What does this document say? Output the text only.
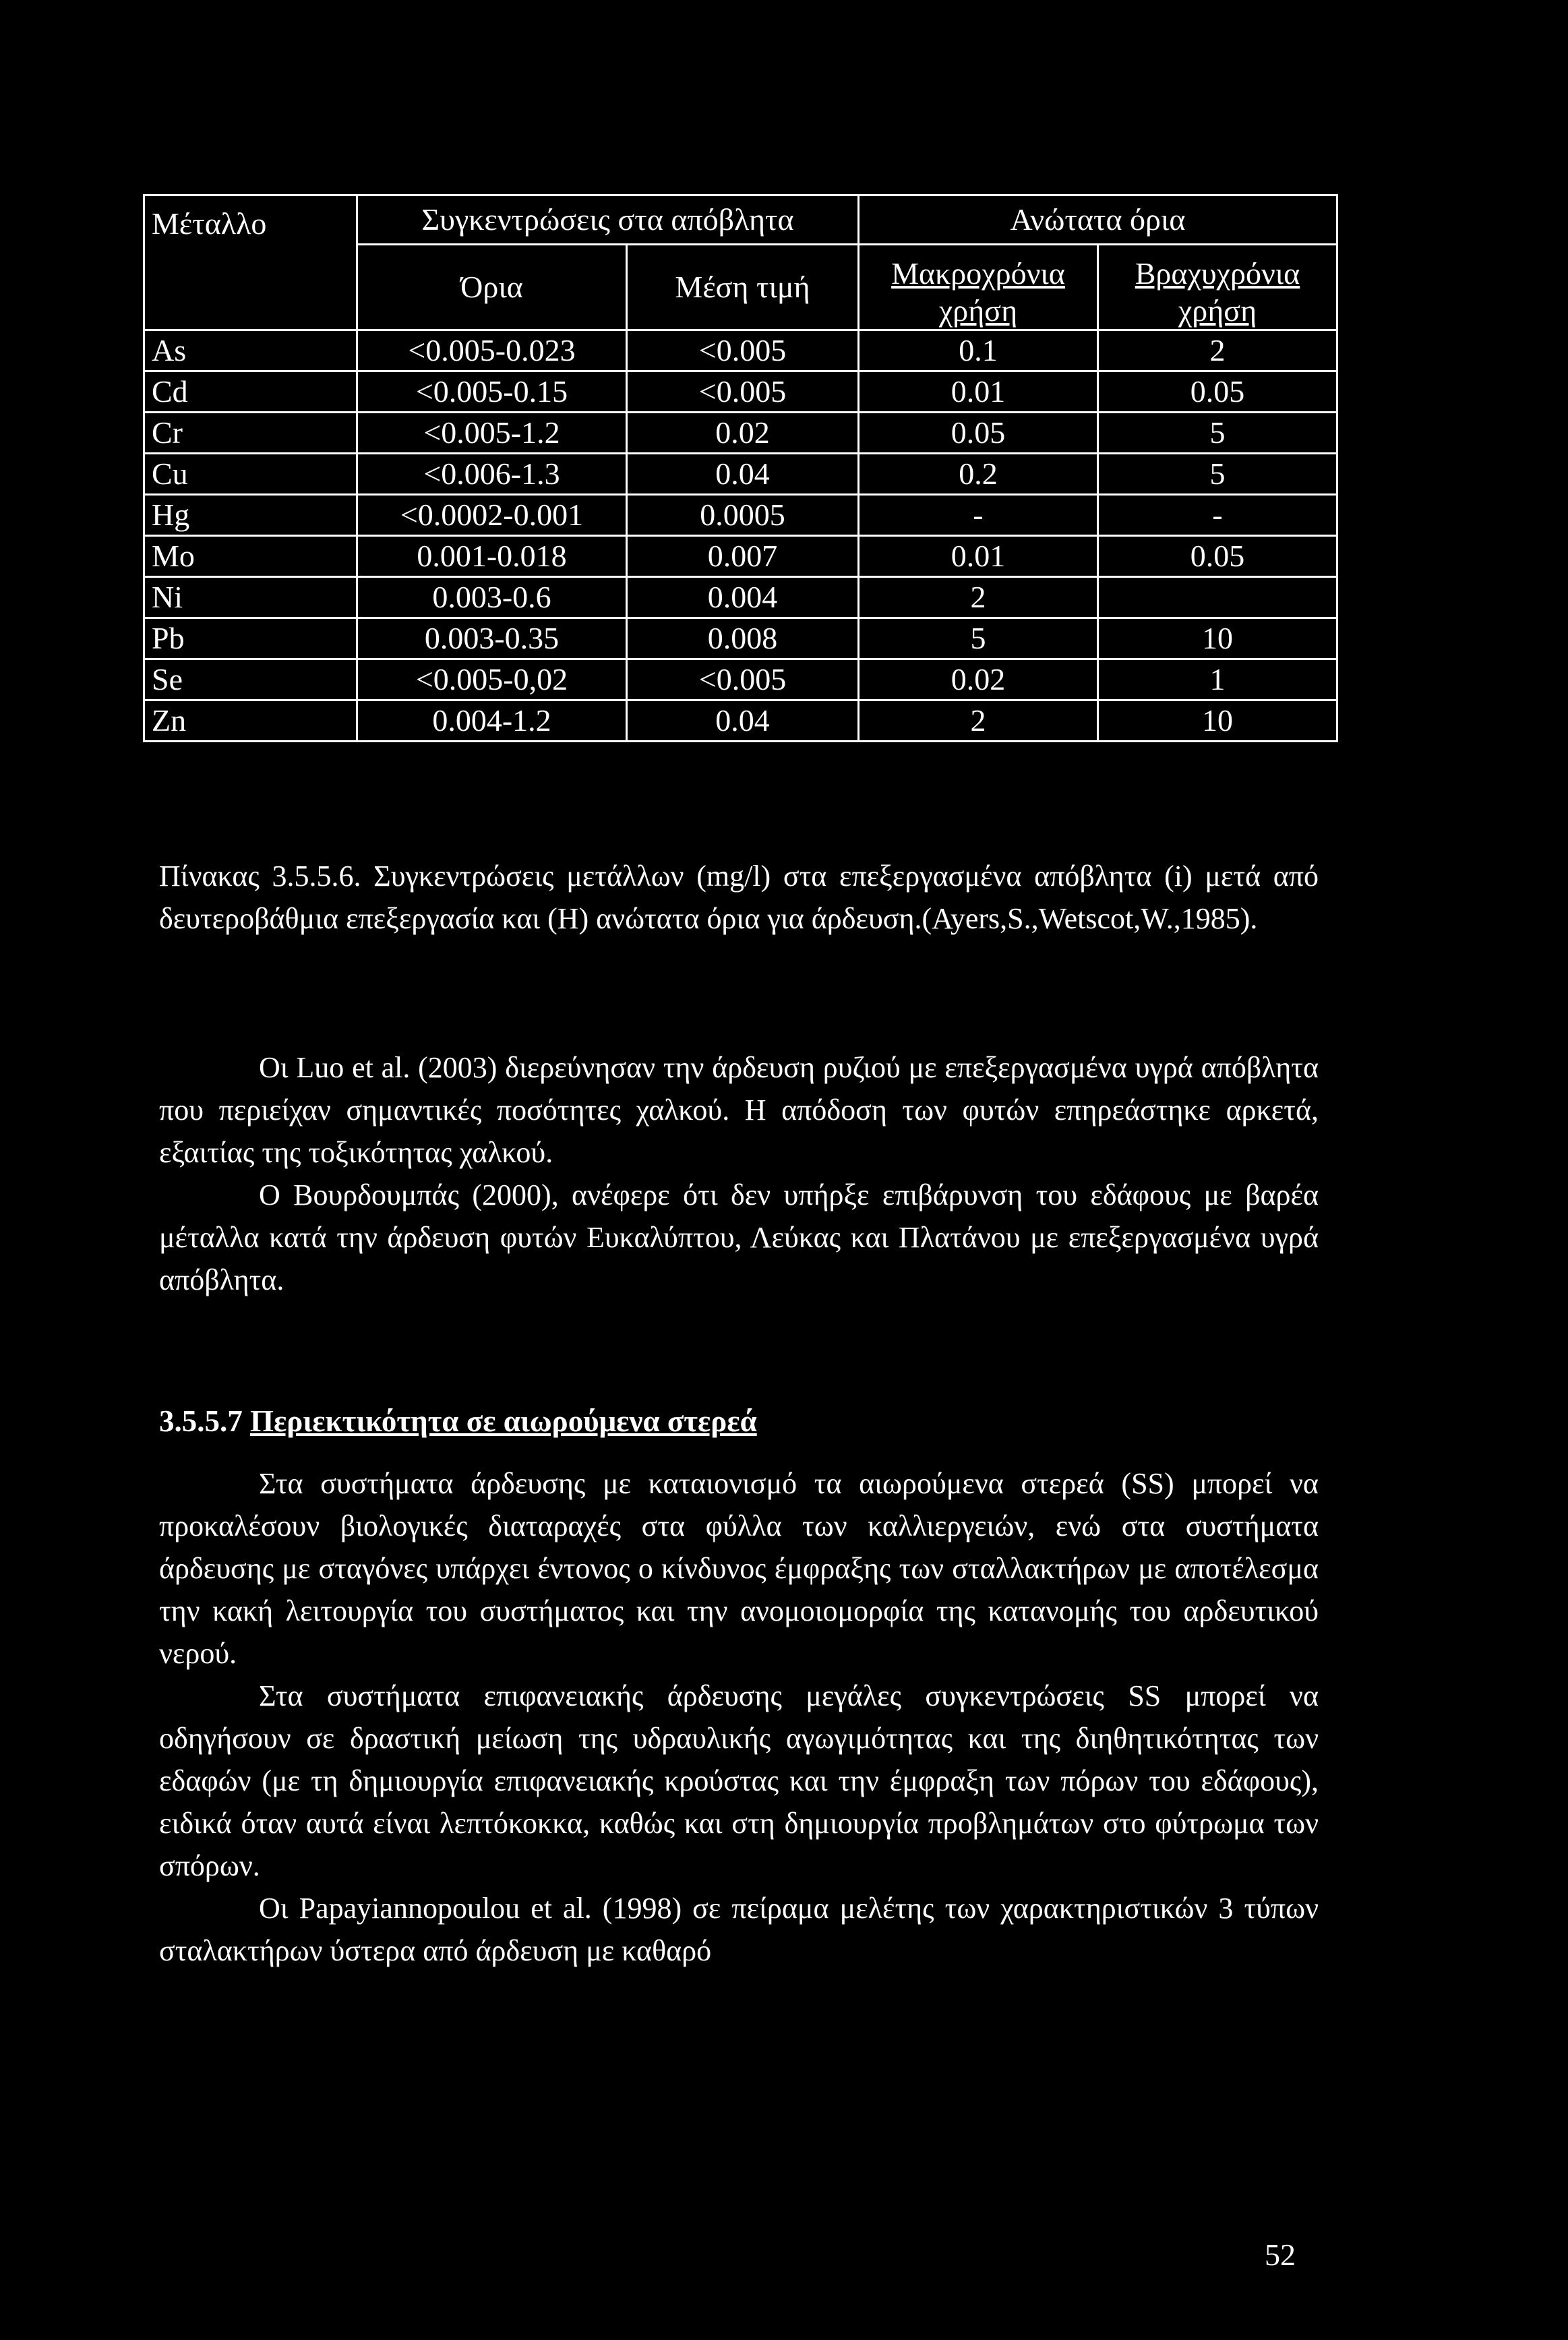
Μέταλλο	Συγκεντρώσεις στα απόβλητα		Ανώτατα όρια	
	Όρια	Μέση τιμή	Μακροχρόνια χρήση	Βραχυχρόνια χρήση
As	<0.005-0.023	<0.005	0.1	2
Cd	<0.005-0.15	<0.005	0.01	0.05
Cr	<0.005-1.2	0.02	0.05	5
Cu	<0.006-1.3	0.04	0.2	5
Hg	<0.0002-0.001	0.0005	-	-
Mo	0.001-0.018	0.007	0.01	0.05
Ni	0.003-0.6	0.004	2	
Pb	0.003-0.35	0.008	5	10
Se	<0.005-0,02	<0.005	0.02	1
Zn	0.004-1.2	0.04	2	10
Πίνακας 3.5.5.6. Συγκεντρώσεις μετάλλων (mg/l) στα επεξεργασμένα απόβλητα (i) μετά από δευτεροβάθμια επεξεργασία και (Η) ανώτατα όρια για άρδευση.(Ayers,S.,Wetscot,W.,1985).

Οι Luo et al. (2003) διερεύνησαν την άρδευση ρυζιού με επεξεργασμένα υγρά απόβλητα που περιείχαν σημαντικές ποσότητες χαλκού. Η απόδοση των φυτών επηρεάστηκε αρκετά, εξαιτίας της τοξικότητας χαλκού.

Ο Βουρδουμπάς (2000), ανέφερε ότι δεν υπήρξε επιβάρυνση του εδάφους με βαρέα μέταλλα κατά την άρδευση φυτών Ευκαλύπτου, Λεύκας και Πλατάνου με επεξεργασμένα υγρά απόβλητα.

3.5.5.7 Περιεκτικότητα σε αιωρούμενα στερεά

Στα συστήματα άρδευσης με καταιονισμό τα αιωρούμενα στερεά (SS) μπορεί να προκαλέσουν βιολογικές διαταραχές στα φύλλα των καλλιεργειών, ενώ στα συστήματα άρδευσης με σταγόνες υπάρχει έντονος ο κίνδυνος έμφραξης των σταλλακτήρων με αποτέλεσμα την κακή λειτουργία του συστήματος και την ανομοιομορφία της κατανομής του αρδευτικού νερού.

Στα συστήματα επιφανειακής άρδευσης μεγάλες συγκεντρώσεις SS μπορεί να οδηγήσουν σε δραστική μείωση της υδραυλικής αγωγιμότητας και της διηθητικότητας των εδαφών (με τη δημιουργία επιφανειακής κρούστας και την έμφραξη των πόρων του εδάφους), ειδικά όταν αυτά είναι λεπτόκοκκα, καθώς και στη δημιουργία προβλημάτων στο φύτρωμα των σπόρων.

Οι Papayiannopoulou et al. (1998) σε πείραμα μελέτης των χαρακτηριστικών 3 τύπων σταλακτήρων ύστερα από άρδευση με καθαρό

52
